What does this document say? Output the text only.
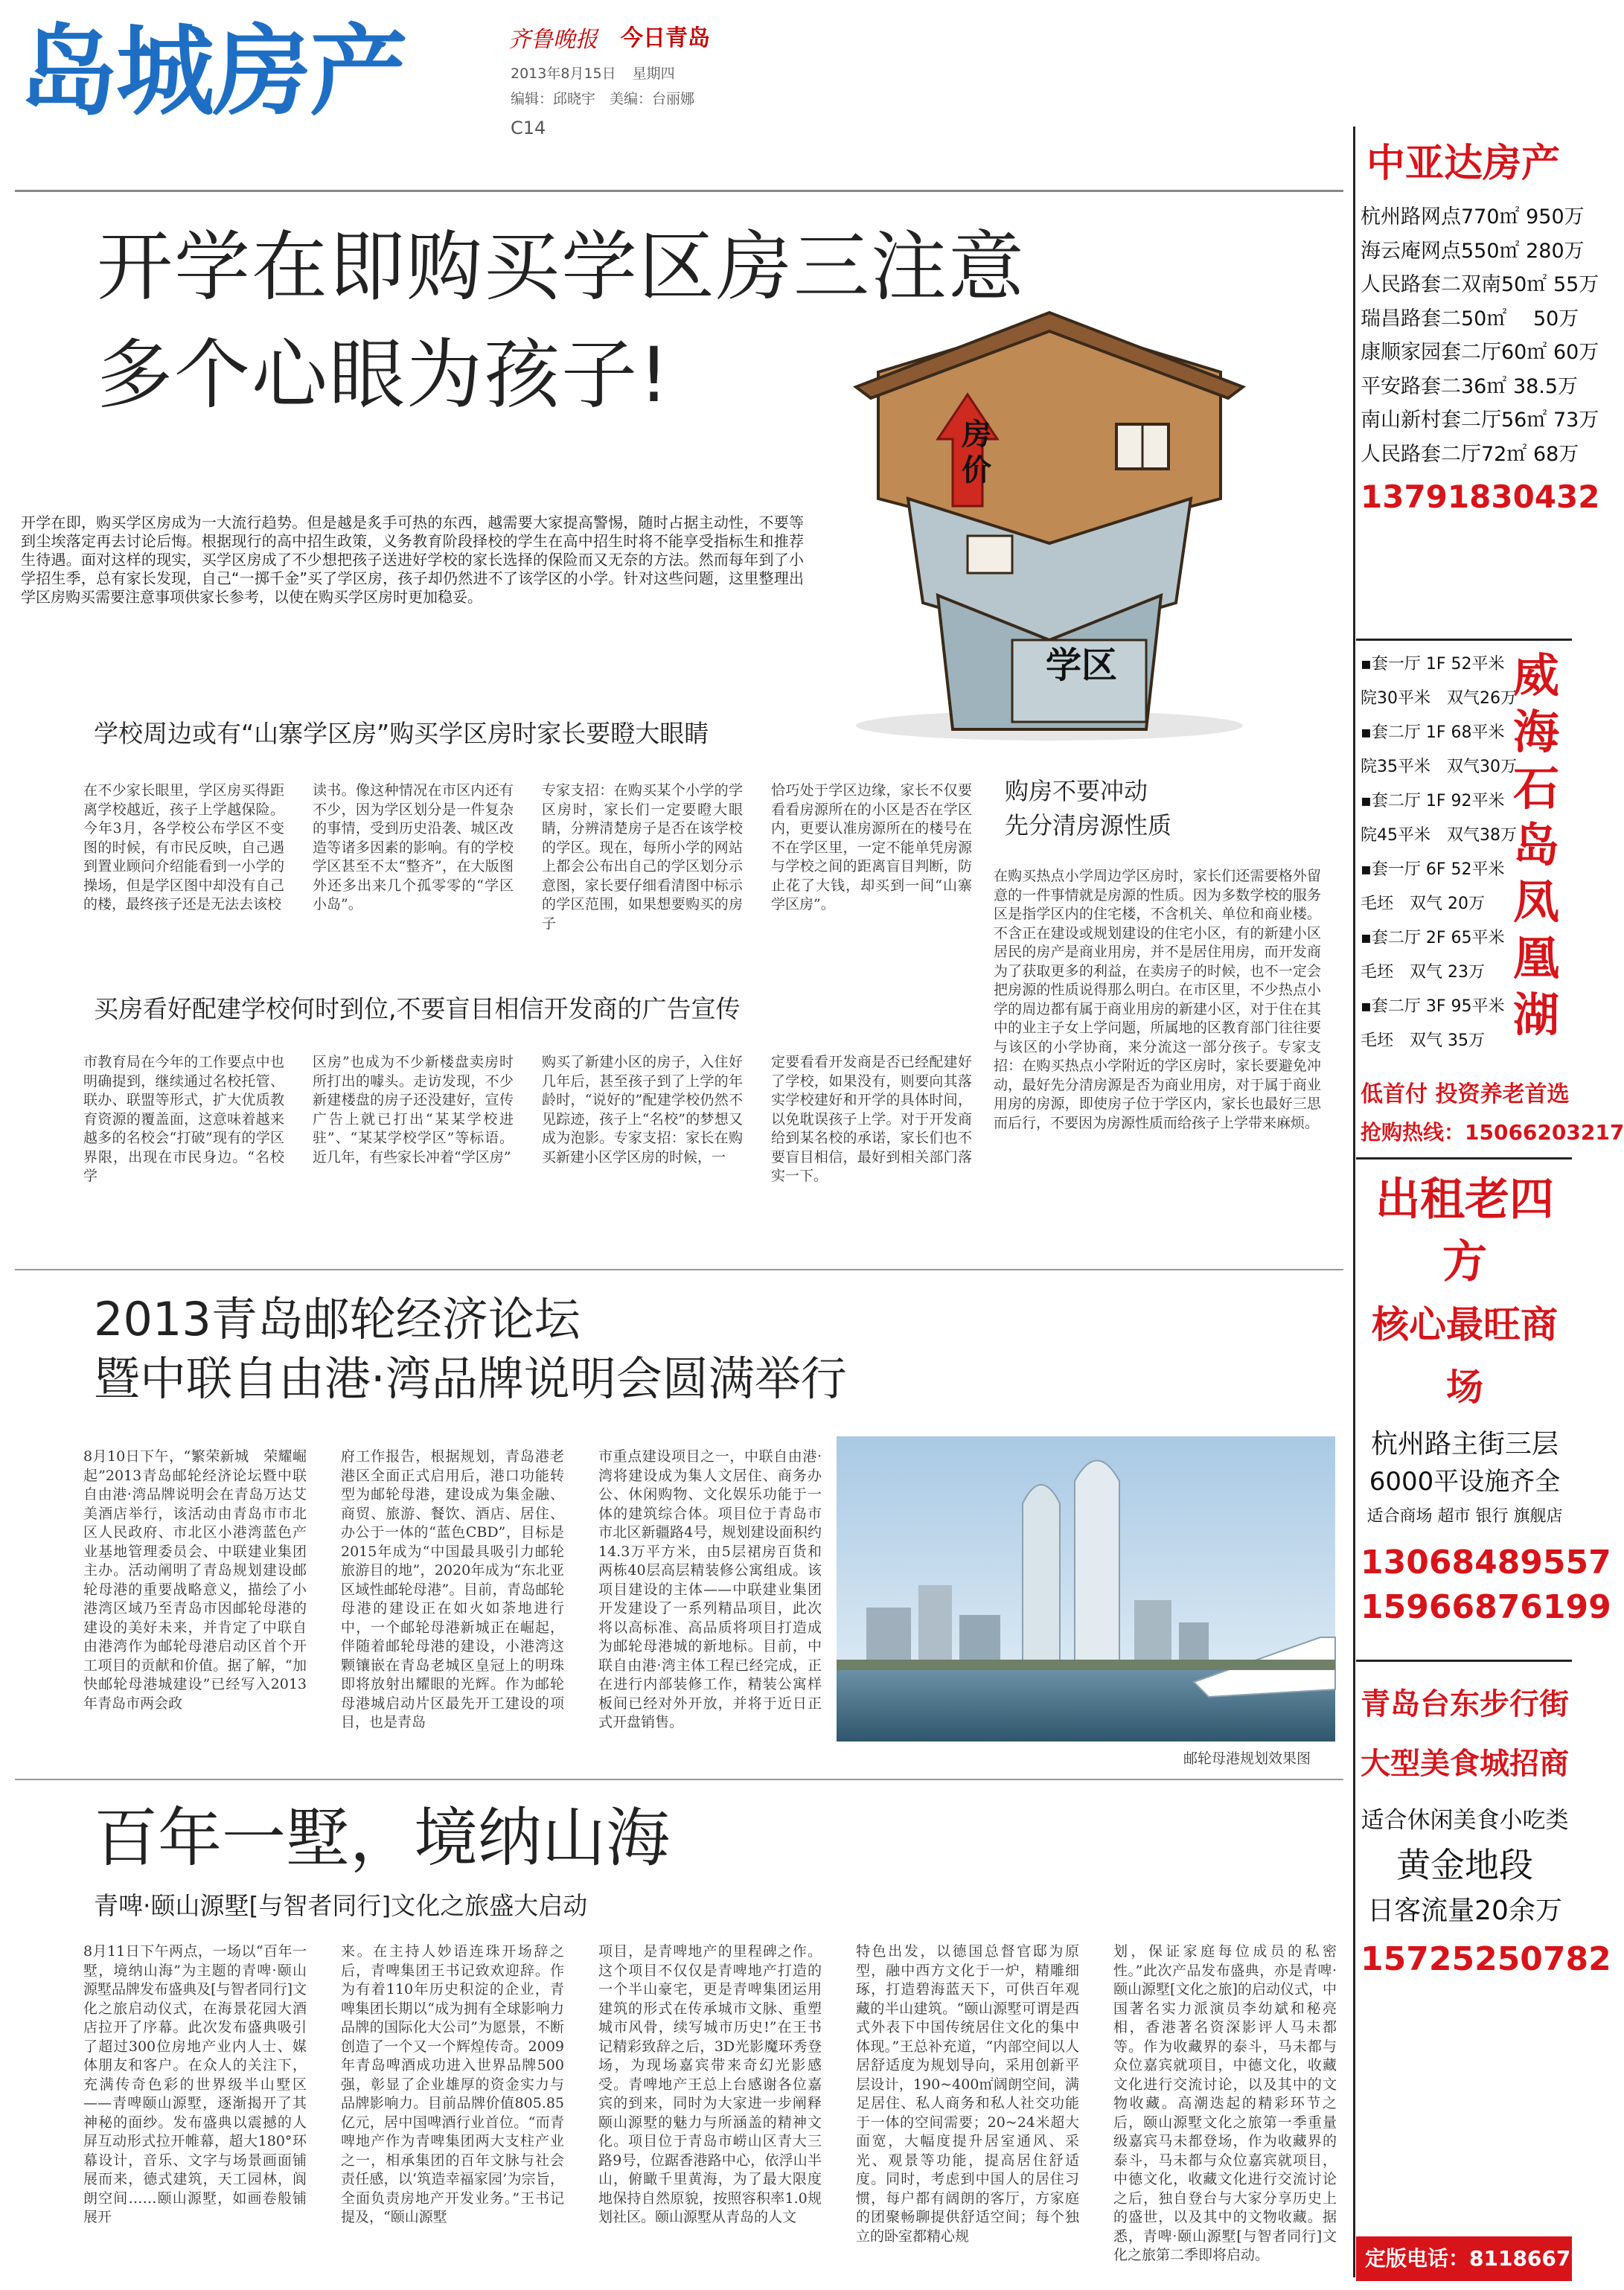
岛城房产	齐鲁晚报 今日青岛
2013年8月15日 星期四
编辑：邱晓宇　美编：台丽娜
C14
开学在即购买学区房三注意
多个心眼为孩子!
房价
学区
开学在即，购买学区房成为一大流行趋势。但是越是炙手可热的东西，越需要大家提高警惕，随时占据主动性，不要等到尘埃落定再去讨论后悔。根据现行的高中招生政策，义务教育阶段择校的学生在高中招生时将不能享受指标生和推荐生待遇。面对这样的现实，买学区房成了不少想把孩子送进好学校的家长选择的保险而又无奈的方法。然而每年到了小学招生季，总有家长发现，自己“一掷千金”买了学区房，孩子却仍然进不了该学区的小学。针对这些问题，这里整理出学区房购买需要注意事项供家长参考，以使在购买学区房时更加稳妥。
学校周边或有“山寨学区房”购买学区房时家长要瞪大眼睛
在不少家长眼里，学区房买得距离学校越近，孩子上学越保险。今年3月，各学校公布学区不变图的时候，有市民反映，自己遇到置业顾问介绍能看到一小学的操场，但是学区图中却没有自己的楼，最终孩子还是无法去该校
读书。像这种情况在市区内还有不少，因为学区划分是一件复杂的事情，受到历史沿袭、城区改造等诸多因素的影响。有的学校学区甚至不太“整齐”，在大版图外还多出来几个孤零零的“学区小岛”。
专家支招：在购买某个小学的学区房时，家长们一定要瞪大眼睛，分辨清楚房子是否在该学校的学区。现在，每所小学的网站上都会公布出自己的学区划分示意图，家长要仔细看清图中标示的学区范围，如果想要购买的房子
恰巧处于学区边缘，家长不仅要看看房源所在的小区是否在学区内，更要认准房源所在的楼号在不在学区里，一定不能单凭房源与学校之间的距离盲目判断，防止花了大钱，却买到一间“山寨学区房”。
买房看好配建学校何时到位,不要盲目相信开发商的广告宣传
市教育局在今年的工作要点中也明确提到，继续通过名校托管、联办、联盟等形式，扩大优质教育资源的覆盖面，这意味着越来越多的名校会“打破”现有的学区界限，出现在市民身边。“名校学
区房”也成为不少新楼盘卖房时所打出的噱头。走访发现，不少新建楼盘的房子还没建好，宣传广告上就已打出“某某学校进驻”、“某某学校学区”等标语。近几年，有些家长冲着“学区房”
购买了新建小区的房子，入住好几年后，甚至孩子到了上学的年龄时，“说好的”配建学校仍然不见踪迹，孩子上“名校”的梦想又成为泡影。专家支招：家长在购买新建小区学区房的时候，一
定要看看开发商是否已经配建好了学校，如果没有，则要向其落实学校建好和开学的具体时间，以免耽误孩子上学。对于开发商给到某名校的承诺，家长们也不要盲目相信，最好到相关部门落实一下。
购房不要冲动
先分清房源性质
在购买热点小学周边学区房时，家长们还需要格外留意的一件事情就是房源的性质。因为多数学校的服务区是指学区内的住宅楼，不含机关、单位和商业楼。不含正在建设或规划建设的住宅小区，有的新建小区居民的房产是商业用房，并不是居住用房，而开发商为了获取更多的利益，在卖房子的时候，也不一定会把房源的性质说得那么明白。在市区里，不少热点小学的周边都有属于商业用房的新建小区，对于住在其中的业主子女上学问题，所属地的区教育部门往往要与该区的小学协商，来分流这一部分孩子。专家支招：在购买热点小学附近的学区房时，家长要避免冲动，最好先分清房源是否为商业用房，对于属于商业用房的房源，即使房子位于学区内，家长也最好三思而后行，不要因为房源性质而给孩子上学带来麻烦。
2013青岛邮轮经济论坛
暨中联自由港·湾品牌说明会圆满举行
8月10日下午，“繁荣新城　荣耀崛起”2013青岛邮轮经济论坛暨中联自由港·湾品牌说明会在青岛万达艾美酒店举行，该活动由青岛市市北区人民政府、市北区小港湾蓝色产业基地管理委员会、中联建业集团主办。活动阐明了青岛规划建设邮轮母港的重要战略意义，描绘了小港湾区域乃至青岛市因邮轮母港的建设的美好未来，并肯定了中联自由港湾作为邮轮母港启动区首个开工项目的贡献和价值。据了解，“加快邮轮母港城建设”已经写入2013年青岛市两会政
府工作报告，根据规划，青岛港老港区全面正式启用后，港口功能转型为邮轮母港，建设成为集金融、商贸、旅游、餐饮、酒店、居住、办公于一体的“蓝色CBD”，目标是2015年成为“中国最具吸引力邮轮旅游目的地”，2020年成为“东北亚区域性邮轮母港”。目前，青岛邮轮母港的建设正在如火如荼地进行中，一个邮轮母港新城正在崛起，伴随着邮轮母港的建设，小港湾这颗镶嵌在青岛老城区皇冠上的明珠即将放射出耀眼的光辉。作为邮轮母港城启动片区最先开工建设的项目，也是青岛
市重点建设项目之一，中联自由港·湾将建设成为集人文居住、商务办公、休闲购物、文化娱乐功能于一体的建筑综合体。项目位于青岛市市北区新疆路4号，规划建设面积约14.3万平方米，由5层裙房百货和两栋40层高层精装修公寓组成。该项目建设的主体——中联建业集团开发建设了一系列精品项目，此次将以高标准、高品质将项目打造成为邮轮母港城的新地标。目前，中联自由港·湾主体工程已经完成，正在进行内部装修工作，精装公寓样板间已经对外开放，并将于近日正式开盘销售。
邮轮母港规划效果图
百年一墅，境纳山海
青啤·颐山源墅[与智者同行]文化之旅盛大启动
8月11日下午两点，一场以“百年一墅，境纳山海”为主题的青啤·颐山源墅品牌发布盛典及[与智者同行]文化之旅启动仪式，在海景花园大酒店拉开了序幕。此次发布盛典吸引了超过300位房地产业内人士、媒体朋友和客户。在众人的关注下，充满传奇色彩的世界级半山墅区——青啤颐山源墅，逐渐揭开了其神秘的面纱。发布盛典以震撼的人屏互动形式拉开帷幕，超大180°环幕设计，音乐、文字与场景画面铺展而来，德式建筑，天工园林，阆朗空间……颐山源墅，如画卷般铺展开
来。在主持人妙语连珠开场辞之后，青啤集团王书记致欢迎辞。作为有着110年历史积淀的企业，青啤集团长期以“成为拥有全球影响力品牌的国际化大公司”为愿景，不断创造了一个又一个辉煌传奇。2009年青岛啤酒成功进入世界品牌500强，彰显了企业雄厚的资金实力与品牌影响力。目前品牌价值805.85亿元，居中国啤酒行业首位。“而青啤地产作为青啤集团两大支柱产业之一，相承集团的百年文脉与社会责任感，以‘筑造幸福家园’为宗旨，全面负责房地产开发业务。”王书记提及，“颐山源墅
项目，是青啤地产的里程碑之作。这个项目不仅仅是青啤地产打造的一个半山豪宅，更是青啤集团运用建筑的形式在传承城市文脉、重塑城市风骨，续写城市历史!”在王书记精彩致辞之后，3D光影魔环秀登场，为现场嘉宾带来奇幻光影感受。青啤地产王总上台感谢各位嘉宾的到来，同时为大家进一步阐释颐山源墅的魅力与所涵盖的精神文化。项目位于青岛市崂山区青大三路9号，位踞香港路中心，依浮山半山，俯瞰千里黄海，为了最大限度地保持自然原貌，按照容积率1.0规划社区。颐山源墅从青岛的人文
特色出发，以德国总督官邸为原型，融中西方文化于一炉，精雕细琢，打造碧海蓝天下，可供百年观藏的半山建筑。“颐山源墅可谓是西式外表下中国传统居住文化的集中体现。”王总补充道，“内部空间以人居舒适度为规划导向，采用创新平层设计，190~400㎡阔朗空间，满足居住、私人商务和私人社交功能于一体的空间需要；20~24米超大面宽，大幅度提升居室通风、采光、观景等功能，提高居住舒适度。同时，考虑到中国人的居住习惯，每户都有阔朗的客厅，方家庭的团聚畅聊提供舒适空间；每个独立的卧室都精心规
划，保证家庭每位成员的私密性。”此次产品发布盛典，亦是青啤·颐山源墅[文化之旅]的启动仪式，中国著名实力派演员李幼斌和秘亮相，香港著名资深影评人马未都等。作为收藏界的泰斗，马未都与众位嘉宾就项目，中德文化，收藏文化进行交流讨论，以及其中的文物收藏。高潮迭起的精彩环节之后，颐山源墅文化之旅第一季重量级嘉宾马未都登场，作为收藏界的泰斗，马未都与众位嘉宾就项目，中德文化，收藏文化进行交流讨论之后，独自登台与大家分享历史上的盛世，以及其中的文物收藏。据悉，青啤·颐山源墅[与智者同行]文化之旅第二季即将启动。
中亚达房产
杭州路网点770㎡ 950万
海云庵网点550㎡ 280万
人民路套二双南50㎡ 55万
瑞昌路套二50㎡　 50万
康顺家园套二厅60㎡ 60万
平安路套二36㎡ 38.5万
南山新村套二厅56㎡ 73万
人民路套二厅72㎡ 68万
13791830432
▪套一厅 1F 52平米
院30平米　双气26万
▪套二厅 1F 68平米
院35平米　双气30万
▪套二厅 1F 92平米
院45平米　双气38万
▪套一厅 6F 52平米
毛坯　双气 20万
▪套二厅 2F 65平米
毛坯　双气 23万
▪套二厅 3F 95平米
毛坯　双气 35万
威海石岛凤凰湖
低首付 投资养老首选
抢购热线：15066203217
出租老四方
核心最旺商场
杭州路主街三层
6000平设施齐全
适合商场 超市 银行 旗舰店
13068489557
15966876199
青岛台东步行街
大型美食城招商
适合休闲美食小吃类
黄金地段
日客流量20余万
15725250782
定版电话：81186679
